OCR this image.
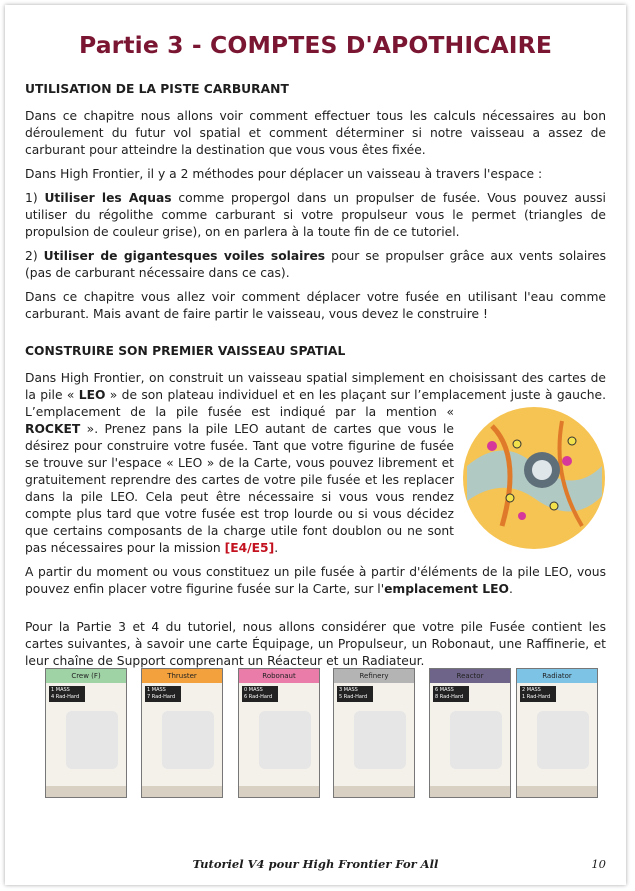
Partie 3 - COMPTES D'APOTHICAIRE
UTILISATION DE LA PISTE CARBURANT

Dans ce chapitre nous allons voir comment effectuer tous les calculs nécessaires au bon déroulement du futur vol spatial et comment déterminer si notre vaisseau a assez de carburant pour atteindre la destination que vous vous êtes fixée.

Dans High Frontier, il y a 2 méthodes pour déplacer un vaisseau à travers l'espace :

1) Utiliser les Aquas comme propergol dans un propulser de fusée. Vous pouvez aussi utiliser du régolithe comme carburant si votre propulseur vous le permet (triangles de propulsion de couleur grise), on en parlera à la toute fin de ce tutoriel.

2) Utiliser de gigantesques voiles solaires pour se propulser grâce aux vents solaires (pas de carburant nécessaire dans ce cas).

Dans ce chapitre vous allez voir comment déplacer votre fusée en utilisant l'eau comme carburant. Mais avant de faire partir le vaisseau, vous devez le construire !

CONSTRUIRE SON PREMIER VAISSEAU SPATIAL

Dans High Frontier, on construit un vaisseau spatial simplement en choisissant des cartes de la pile « LEO » de son plateau individuel et en les plaçant sur l’emplacement juste à gauche. L’emplacement de la pile fusée est indiqué par la mention «
ROCKET ». Prenez pans la pile LEO autant de cartes que vous le désirez pour construire votre fusée. Tant que votre figurine de fusée se trouve sur l'espace « LEO » de la Carte, vous pouvez librement et gratuitement reprendre des cartes de votre pile fusée et les replacer dans la pile LEO. Cela peut être nécessaire si vous vous rendez compte plus tard que votre fusée est trop lourde ou si vous décidez que certains composants de la charge utile font doublon ou ne sont pas nécessaires pour la mission [E4/E5].

A partir du moment ou vous constituez un pile fusée à partir d'éléments de la pile LEO, vous pouvez enfin placer votre figurine fusée sur la Carte, sur l'emplacement LEO.

Pour la Partie 3 et 4 du tutoriel, nous allons considérer que votre pile Fusée contient les cartes suivantes, à savoir une carte Équipage, un Propulseur, un Robonaut, une Raffinerie, et leur chaîne de Support comprenant un Réacteur et un Radiateur.

Crew (F)
1 MASS
4 Rad-Hard
Thruster
1 MASS
7 Rad-Hard
Robonaut
0 MASS
6 Rad-Hard
Refinery
3 MASS
5 Rad-Hard
Reactor
6 MASS
8 Rad-Hard
Radiator
2 MASS
1 Rad-Hard
Tutoriel V4 pour High Frontier For All	10
